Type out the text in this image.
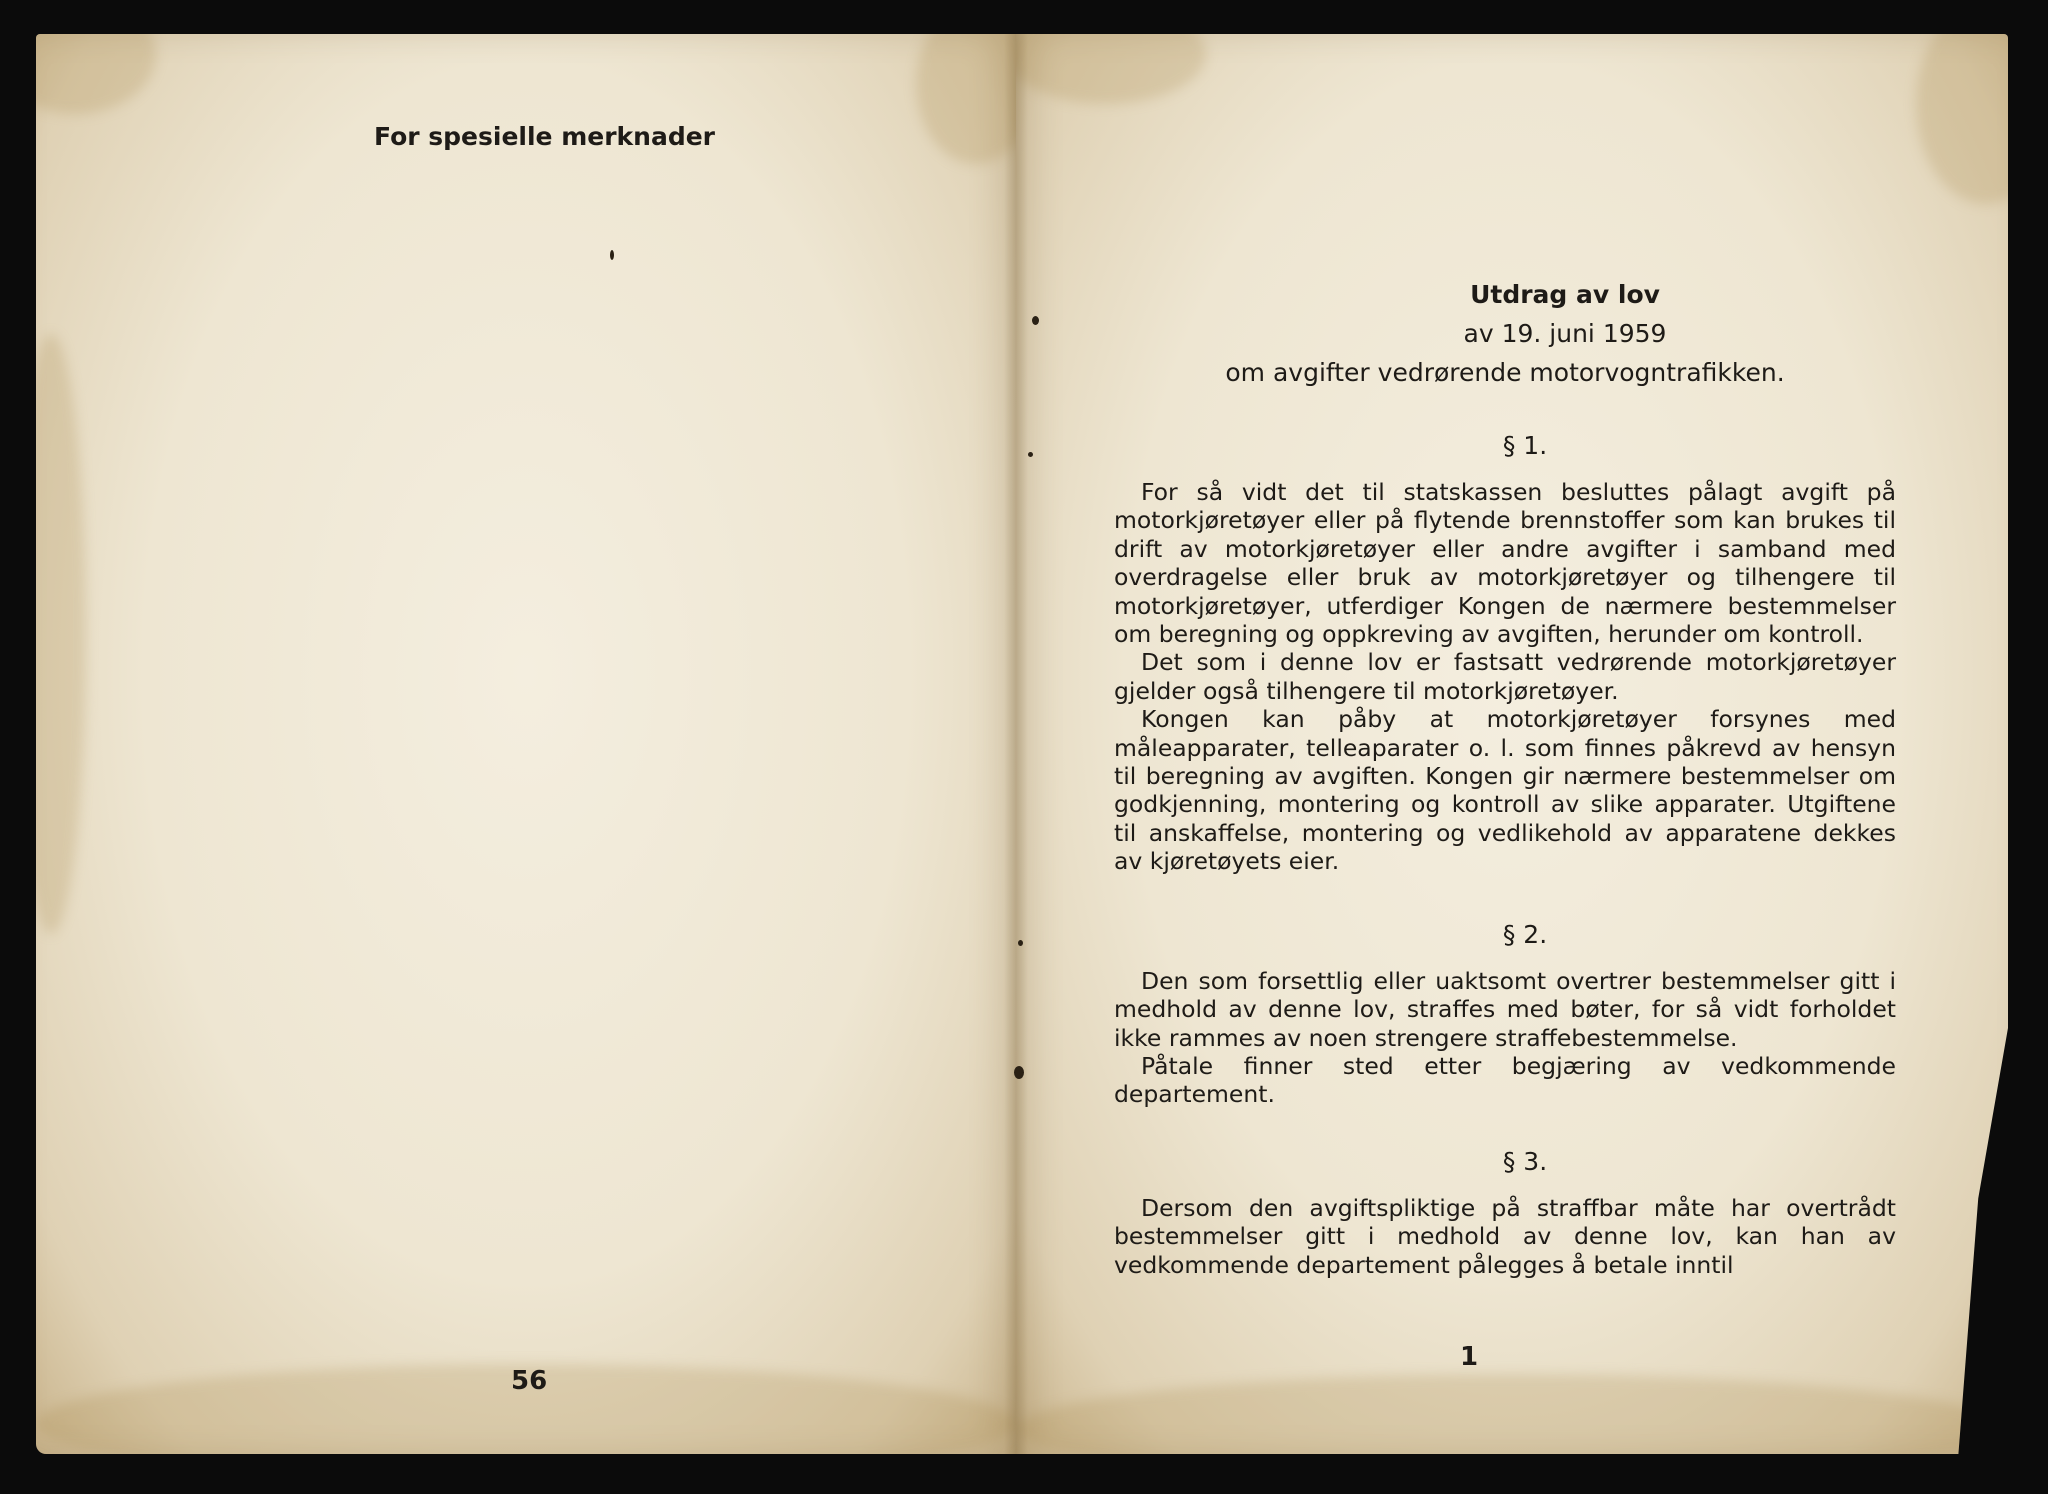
For spesielle merknader
56

Utdrag av lov

av 19. juni 1959

om avgifter vedrørende motorvogntrafikken.

§ 1.

For så vidt det til statskassen besluttes pålagt avgift på motorkjøretøyer eller på flytende brennstoffer som kan brukes til drift av motorkjøretøyer eller andre avgifter i samband med overdragelse eller bruk av motorkjøretøyer og tilhengere til motorkjøretøyer, utferdiger Kongen de nærmere bestemmelser om beregning og oppkreving av avgiften, herunder om kontroll.

Det som i denne lov er fastsatt vedrørende motorkjøretøyer gjelder også tilhengere til motorkjøretøyer.

Kongen kan påby at motorkjøretøyer forsynes med måleapparater, telleaparater o. l. som finnes påkrevd av hensyn til beregning av avgiften. Kongen gir nærmere bestemmelser om godkjenning, montering og kontroll av slike apparater. Utgiftene til anskaffelse, montering og vedlikehold av apparatene dekkes av kjøretøyets eier.

§ 2.

Den som forsettlig eller uaktsomt overtrer bestemmelser gitt i medhold av denne lov, straffes med bøter, for så vidt forholdet ikke rammes av noen strengere straffebestemmelse.

Påtale finner sted etter begjæring av vedkommende departement.

§ 3.

Dersom den avgiftspliktige på straffbar måte har overtrådt bestemmelser gitt i medhold av denne lov, kan han av vedkommende departement pålegges å betale inntil

1
